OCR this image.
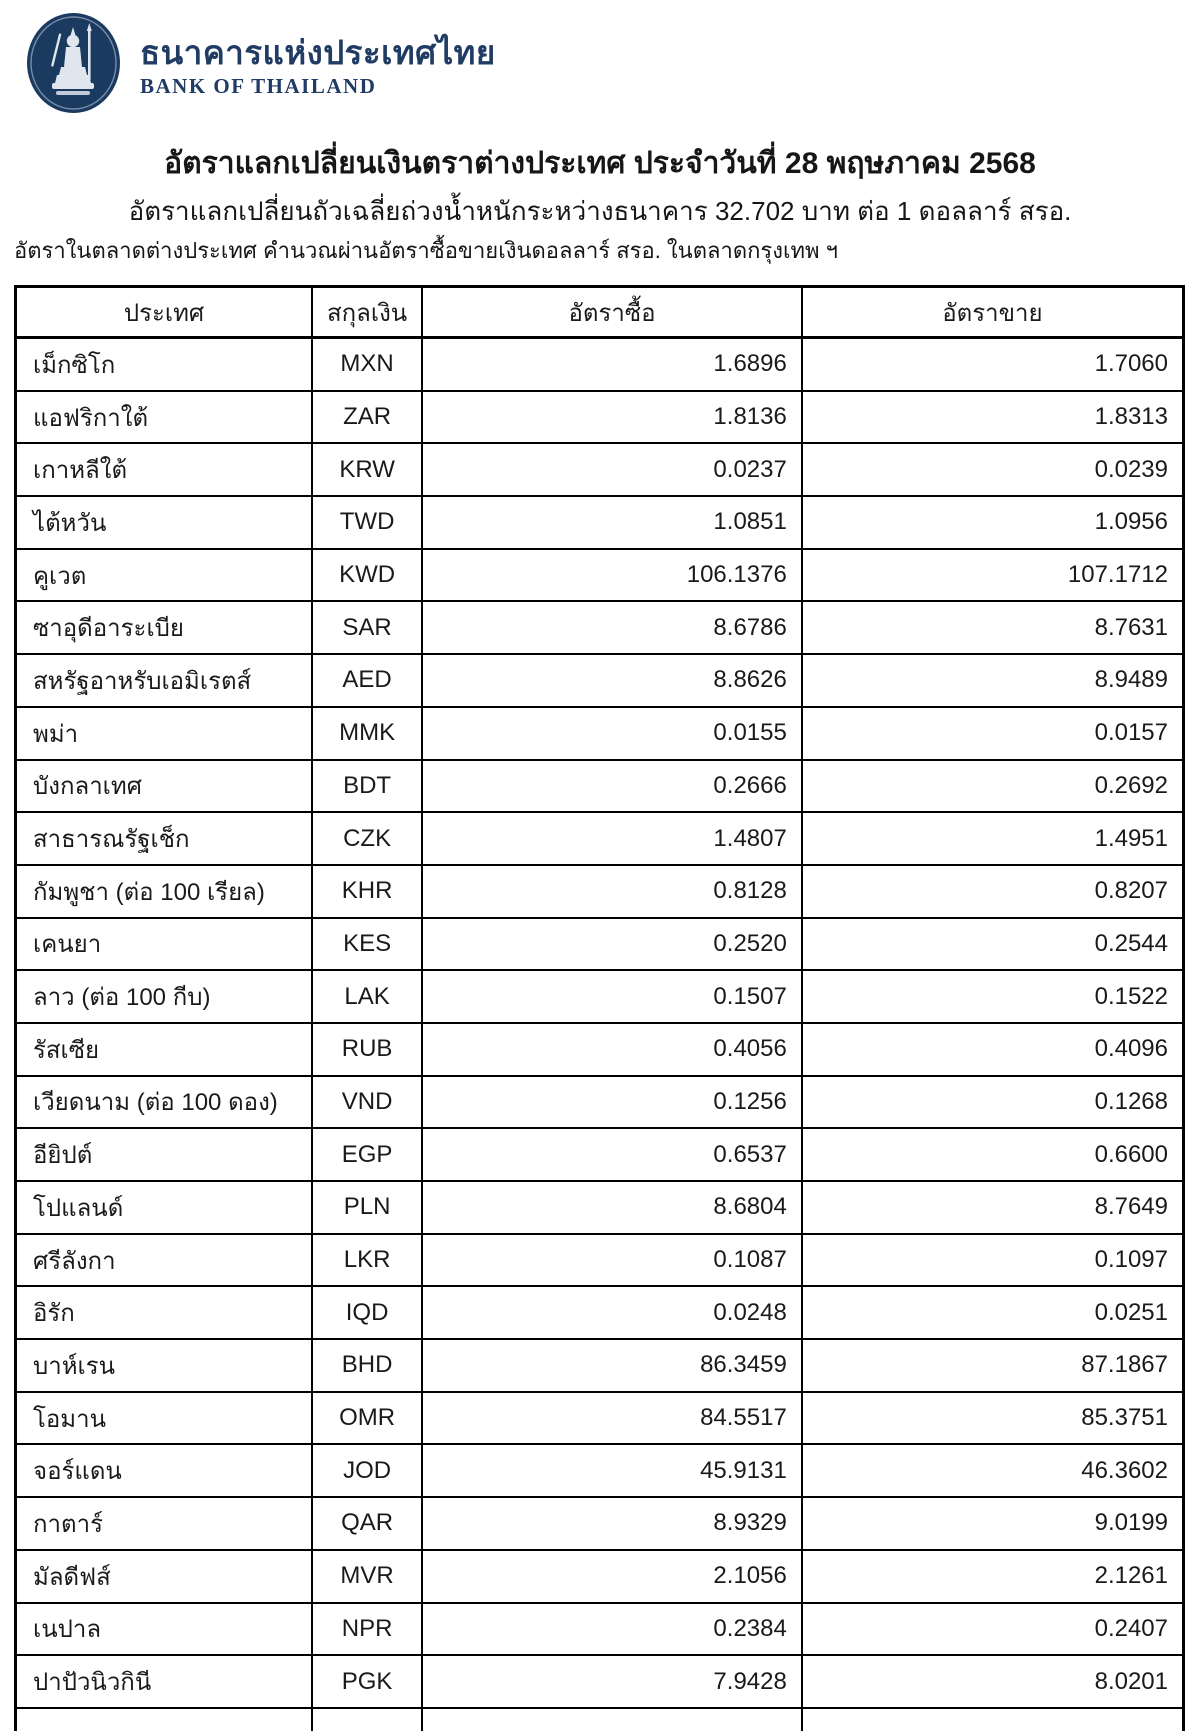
ธนาคารแห่งประเทศไทย
BANK OF THAILAND
อัตราแลกเปลี่ยนเงินตราต่างประเทศ ประจำวันที่ 28 พฤษภาคม 2568
อัตราแลกเปลี่ยนถัวเฉลี่ยถ่วงน้ำหนักระหว่างธนาคาร 32.702 บาท ต่อ 1 ดอลลาร์ สรอ.
อัตราในตลาดต่างประเทศ คำนวณผ่านอัตราซื้อขายเงินดอลลาร์ สรอ. ในตลาดกรุงเทพ ฯ
ประเทศ	สกุลเงิน	อัตราซื้อ	อัตราขาย
เม็กซิโก	MXN	1.6896	1.7060
แอฟริกาใต้	ZAR	1.8136	1.8313
เกาหลีใต้	KRW	0.0237	0.0239
ไต้หวัน	TWD	1.0851	1.0956
คูเวต	KWD	106.1376	107.1712
ซาอุดีอาระเบีย	SAR	8.6786	8.7631
สหรัฐอาหรับเอมิเรตส์	AED	8.8626	8.9489
พม่า	MMK	0.0155	0.0157
บังกลาเทศ	BDT	0.2666	0.2692
สาธารณรัฐเช็ก	CZK	1.4807	1.4951
กัมพูชา (ต่อ 100 เรียล)	KHR	0.8128	0.8207
เคนยา	KES	0.2520	0.2544
ลาว (ต่อ 100 กีบ)	LAK	0.1507	0.1522
รัสเซีย	RUB	0.4056	0.4096
เวียดนาม (ต่อ 100 ดอง)	VND	0.1256	0.1268
อียิปต์	EGP	0.6537	0.6600
โปแลนด์	PLN	8.6804	8.7649
ศรีลังกา	LKR	0.1087	0.1097
อิรัก	IQD	0.0248	0.0251
บาห์เรน	BHD	86.3459	87.1867
โอมาน	OMR	84.5517	85.3751
จอร์แดน	JOD	45.9131	46.3602
กาตาร์	QAR	8.9329	9.0199
มัลดีฟส์	MVR	2.1056	2.1261
เนปาล	NPR	0.2384	0.2407
ปาปัวนิวกินี	PGK	7.9428	8.0201
